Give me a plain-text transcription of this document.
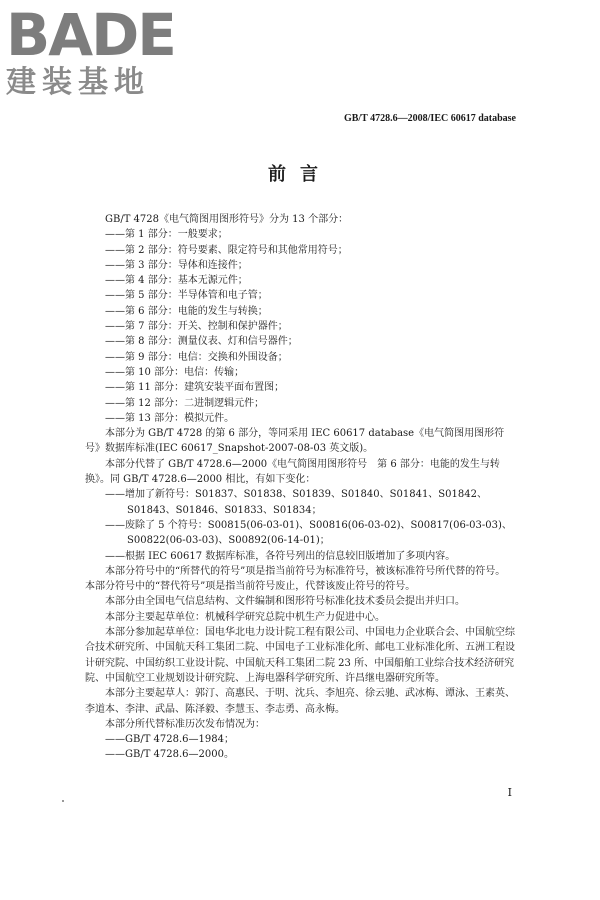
BADE
建装基地
GB/T 4728.6—2008/IEC 60617 database
前言

GB/T 4728《电气简图用图形符号》分为 13 个部分：

——第 1 部分：一般要求；

——第 2 部分：符号要素、限定符号和其他常用符号；

——第 3 部分：导体和连接件；

——第 4 部分：基本无源元件；

——第 5 部分：半导体管和电子管；

——第 6 部分：电能的发生与转换；

——第 7 部分：开关、控制和保护器件；

——第 8 部分：测量仪表、灯和信号器件；

——第 9 部分：电信：交换和外围设备；

——第 10 部分：电信：传输；

——第 11 部分：建筑安装平面布置图；

——第 12 部分：二进制逻辑元件；

——第 13 部分：模拟元件。

本部分为 GB/T 4728 的第 6 部分，等同采用 IEC 60617 database《电气简图用图形符号》数据库标准(IEC 60617_Snapshot-2007-08-03 英文版)。

本部分代替了 GB/T 4728.6—2000《电气简图用图形符号　第 6 部分：电能的发生与转换》。同 GB/T 4728.6—2000 相比，有如下变化：

——增加了新符号：S01837、S01838、S01839、S01840、S01841、S01842、S01843、S01846、S01833、S01834；

——废除了 5 个符号：S00815(06-03-01)、S00816(06-03-02)、S00817(06-03-03)、S00822(06-03-03)、S00892(06-14-01)；

——根据 IEC 60617 数据库标准，各符号列出的信息较旧版增加了多项内容。

本部分符号中的“所替代的符号”项是指当前符号为标准符号，被该标准符号所代替的符号。本部分符号中的“替代符号”项是指当前符号废止，代替该废止符号的符号。

本部分由全国电气信息结构、文件编制和图形符号标准化技术委员会提出并归口。

本部分主要起草单位：机械科学研究总院中机生产力促进中心。

本部分参加起草单位：国电华北电力设计院工程有限公司、中国电力企业联合会、中国航空综合技术研究所、中国航天科工集团二院、中国电子工业标准化所、邮电工业标准化所、五洲工程设计研究院、中国纺织工业设计院、中国航天科工集团二院 23 所、中国船舶工业综合技术经济研究院、中国航空工业规划设计研究院、上海电器科学研究所、许昌继电器研究所等。

本部分主要起草人：郭汀、高惠民、于明、沈兵、李旭亮、徐云驰、武冰梅、谭泳、王素英、李道本、李津、武晶、陈泽毅、李慧玉、李志勇、高永梅。

本部分所代替标准历次发布情况为：

——GB/T 4728.6—1984；

——GB/T 4728.6—2000。

I
